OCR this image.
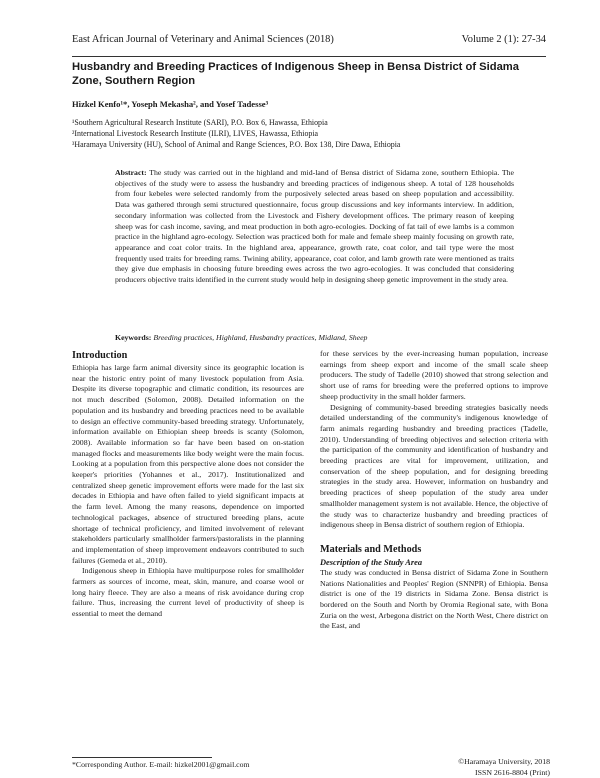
East African Journal of Veterinary and Animal Sciences (2018)	Volume 2 (1): 27-34
Husbandry and Breeding Practices of Indigenous Sheep in Bensa District of Sidama Zone, Southern Region
Hizkel Kenfo¹*, Yoseph Mekasha², and Yosef Tadesse³
¹Southern Agricultural Research Institute (SARI), P.O. Box 6, Hawassa, Ethiopia
²International Livestock Research Institute (ILRI), LIVES, Hawassa, Ethiopia
³Haramaya University (HU), School of Animal and Range Sciences, P.O. Box 138, Dire Dawa, Ethiopia
Abstract: The study was carried out in the highland and mid-land of Bensa district of Sidama zone, southern Ethiopia. The objectives of the study were to assess the husbandry and breeding practices of indigenous sheep. A total of 128 households from four kebeles were selected randomly from the purposively selected areas based on sheep population and accessibility. Data was gathered through semi structured questionnaire, focus group discussions and key informants interview. In addition, secondary information was collected from the Livestock and Fishery development offices. The primary reason of keeping sheep was for cash income, saving, and meat production in both agro-ecologies. Docking of fat tail of ewe lambs is a common practice in the highland agro-ecology. Selection was practiced both for male and female sheep mainly focusing on growth rate, appearance and coat color traits. In the highland area, appearance, growth rate, coat color, and tail type were the most frequently used traits for breeding rams. Twining ability, appearance, coat color, and lamb growth rate were mentioned as traits they give due emphasis in choosing future breeding ewes across the two agro-ecologies. It was concluded that considering producers objective traits identified in the current study would help in designing sheep genetic improvement in the study area.
Keywords: Breeding practices, Highland, Husbandry practices, Midland, Sheep

Introduction

Ethiopia has large farm animal diversity since its geographic location is near the historic entry point of many livestock population from Asia. Despite its diverse topographic and climatic condition, its resources are not much described (Solomon, 2008). Detailed information on the population and its husbandry and breeding practices need to be available to design an effective community-based breeding strategy. Unfortunately, information available on Ethiopian sheep breeds is scanty (Solomon, 2008). Available information so far have been based on on-station managed flocks and measurements like body weight were the main focus. Looking at a population from this perspective alone does not consider the keeper's priorities (Yohannes et al., 2017). Institutionalized and centralized sheep genetic improvement efforts were made for the last six decades in Ethiopia and have often failed to yield significant impacts at the farm level. Among the many reasons, dependence on imported technological packages, absence of structured breeding plans, acute shortage of technical proficiency, and limited involvement of relevant stakeholders particularly smallholder farmers/pastoralists in the planning and implementation of sheep improvement endeavors contributed to such failures (Gemeda et al., 2010).

Indigenous sheep in Ethiopia have multipurpose roles for smallholder farmers as sources of income, meat, skin, manure, and coarse wool or long hairy fleece. They are also a means of risk avoidance during crop failure. Thus, increasing the current level of productivity of sheep is essential to meet the demand

for these services by the ever-increasing human population, increase earnings from sheep export and income of the small scale sheep producers. The study of Tadelle (2010) showed that strong selection and short use of rams for breeding were the preferred options to improve sheep productivity in the small holder farmers.

Designing of community-based breeding strategies basically needs detailed understanding of the community's indigenous knowledge of farm animals regarding husbandry and breeding practices (Tadelle, 2010). Understanding of breeding objectives and selection criteria with the participation of the community and identification of husbandry and breeding practices are vital for improvement, utilization, and conservation of the sheep population, and for designing breeding strategies in the study area. However, information on husbandry and breeding practices of sheep population of the study area under smallholder management system is not available. Hence, the objective of the study was to characterize husbandry and breeding practices of indigenous sheep in Bensa district of southern region of Ethiopia.

Materials and Methods

Description of the Study Area

The study was conducted in Bensa district of Sidama Zone in Southern Nations Nationalities and Peoples' Region (SNNPR) of Ethiopia. Bensa district is one of the 19 districts in Sidama Zone. Bensa district is bordered on the South and North by Oromia Regional sate, with Bona Zuria on the west, Arbegona district on the North West, Chere district on the East, and

*Corresponding Author. E-mail: hizkel2001@gmail.com	©Haramaya University, 2018
ISSN 2616-8804 (Print)
